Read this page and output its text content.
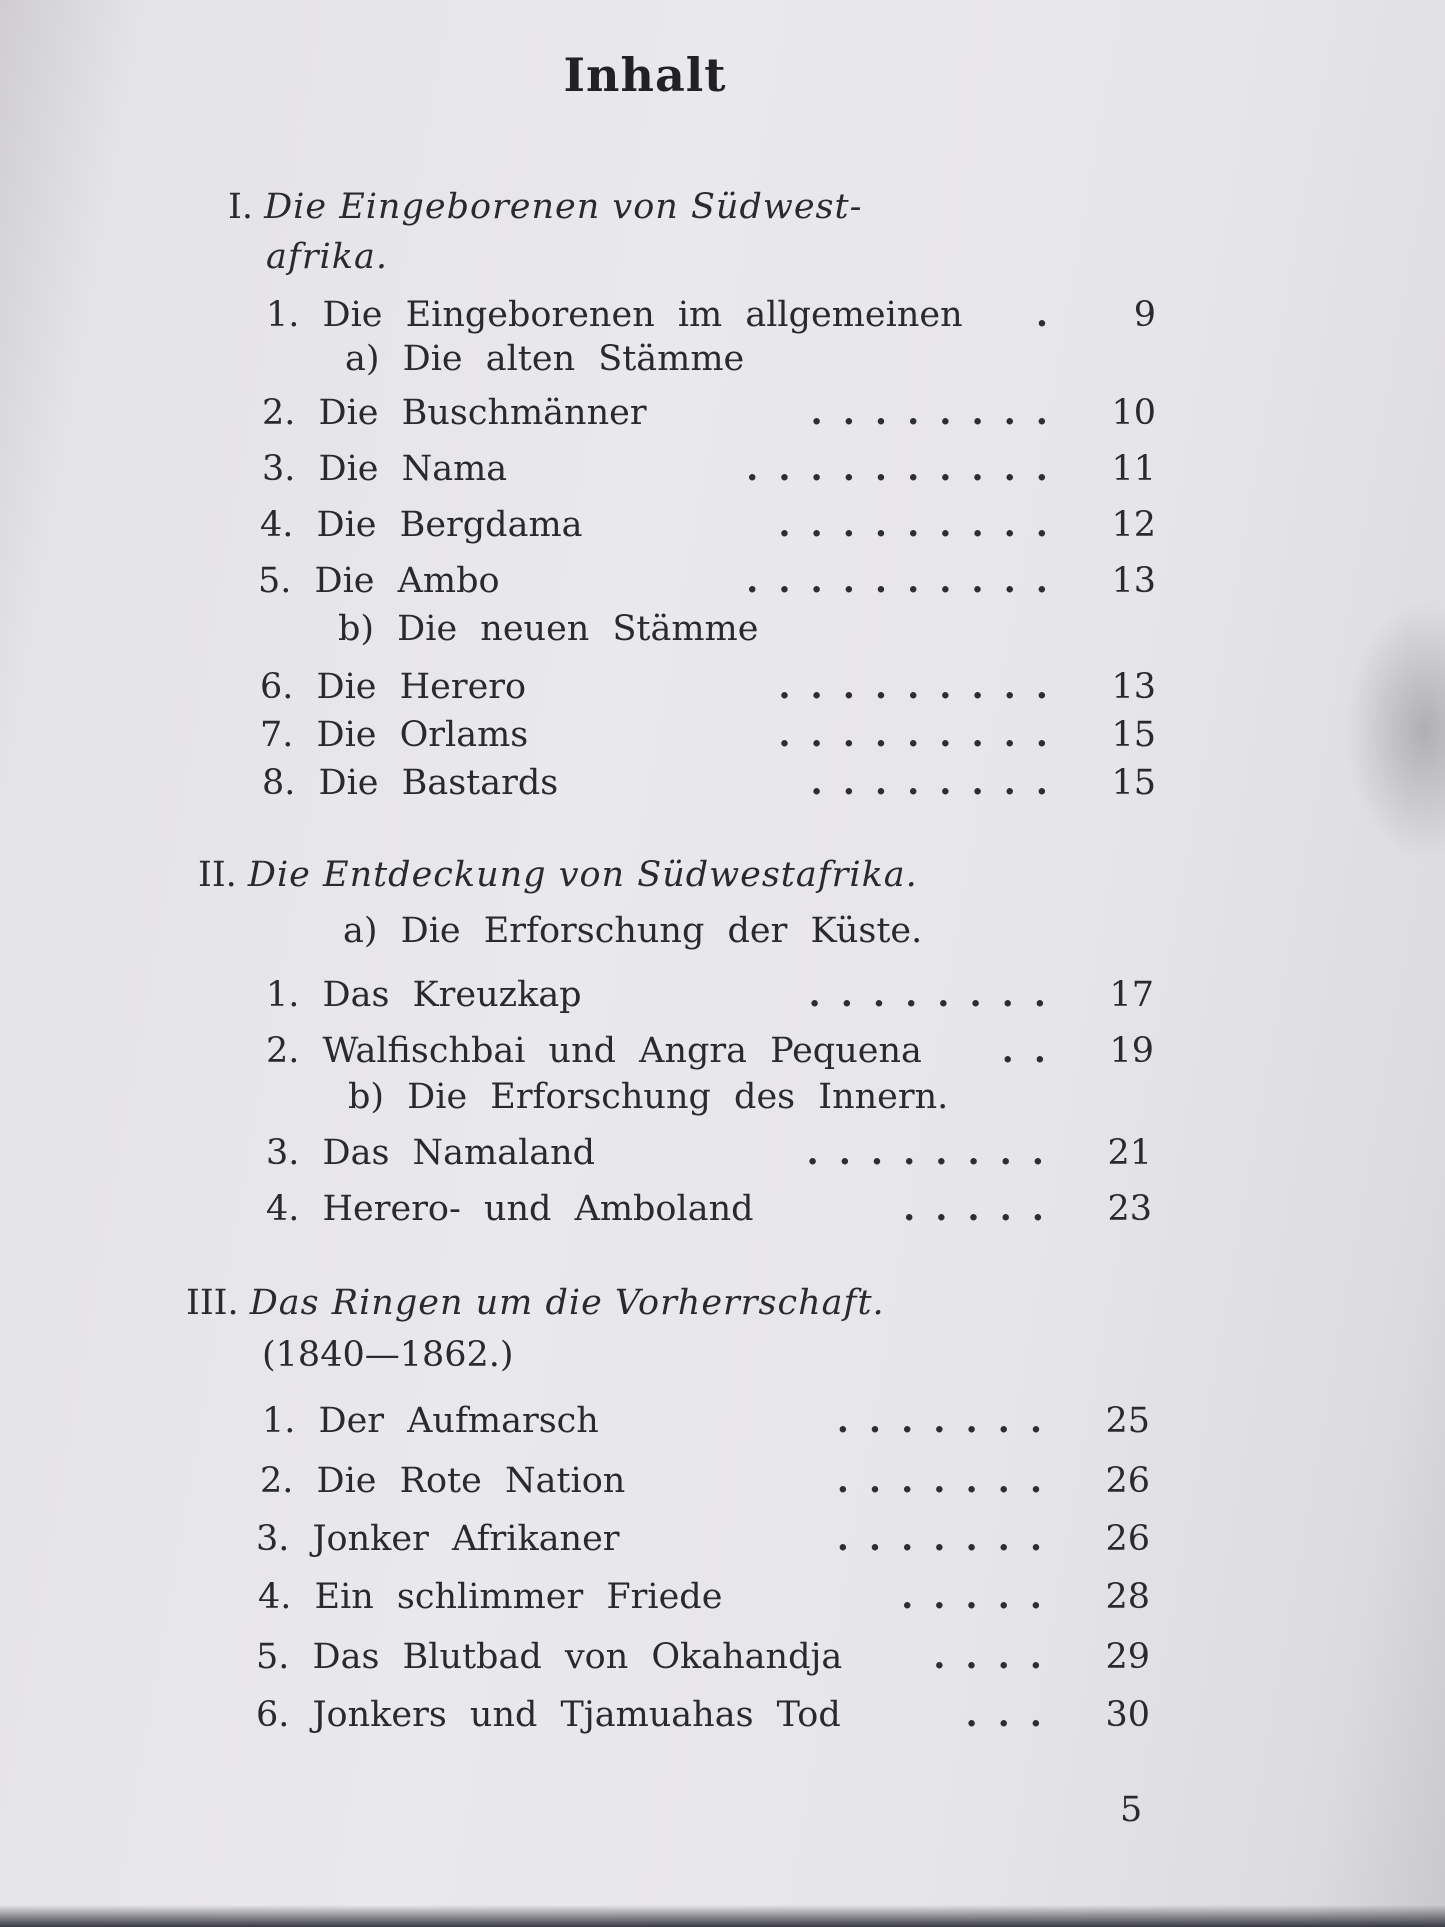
Inhalt
I. Die Eingeborenen von Südwest-
afrika.
1. Die Eingeborenen im allgemeinen .	9
a) Die alten Stämme
2. Die Buschmänner	........	10
3. Die Nama	..........	11
4. Die Bergdama	.........	12
5. Die Ambo	..........	13
b) Die neuen Stämme
6. Die Herero	.........	13
7. Die Orlams	.........	15
8. Die Bastards	........	15
II. Die Entdeckung von Südwestafrika.
a) Die Erforschung der Küste.
1. Das Kreuzkap	........	17
2. Walfischbai und Angra Pequena ..	19
b) Die Erforschung des Innern.
3. Das Namaland	........	21
4. Herero- und Amboland	.....	23
III. Das Ringen um die Vorherrschaft.
(1840—1862.)
1. Der Aufmarsch	.......	25
2. Die Rote Nation	.......	26
3. Jonker Afrikaner	.......	26
4. Ein schlimmer Friede	.....	28
5. Das Blutbad von Okahandja	....	29
6. Jonkers und Tjamuahas Tod	...	30
5
